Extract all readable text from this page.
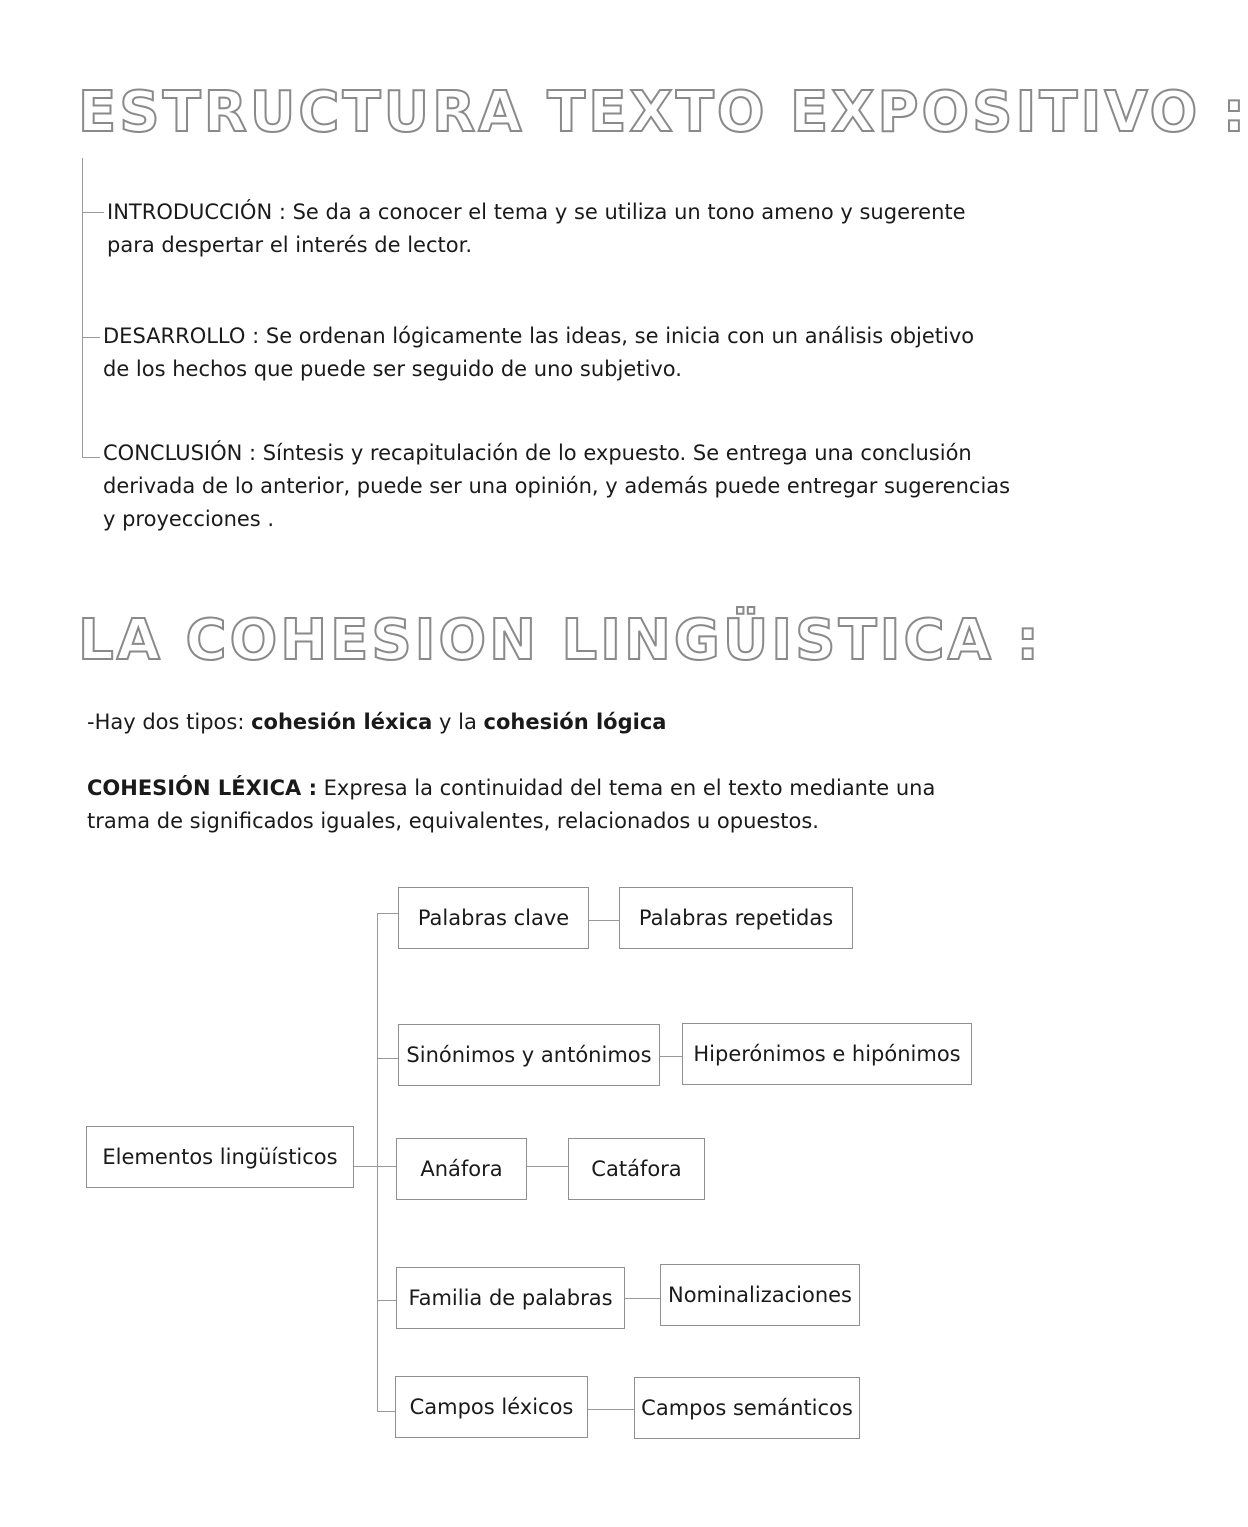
ESTRUCTURA TEXTO EXPOSITIVO :
INTRODUCCIÓN : Se da a conocer el tema y se utiliza un tono ameno y sugerente
para despertar el interés de lector.
DESARROLLO : Se ordenan lógicamente las ideas, se inicia con un análisis objetivo
de los hechos que puede ser seguido de uno subjetivo.
CONCLUSIÓN : Síntesis y recapitulación de lo expuesto. Se entrega una conclusión
derivada de lo anterior, puede ser una opinión, y además puede entregar sugerencias
y proyecciones .
LA COHESION LINGÜISTICA :
-Hay dos tipos: cohesión léxica y la cohesión lógica
COHESIÓN LÉXICA : Expresa la continuidad del tema en el texto mediante una
trama de significados iguales, equivalentes, relacionados u opuestos.
Elementos lingüísticos
Palabras clave	Palabras repetidas
Sinónimos y antónimos	Hiperónimos e hipónimos
Anáfora	Catáfora
Familia de palabras	Nominalizaciones
Campos léxicos	Campos semánticos
